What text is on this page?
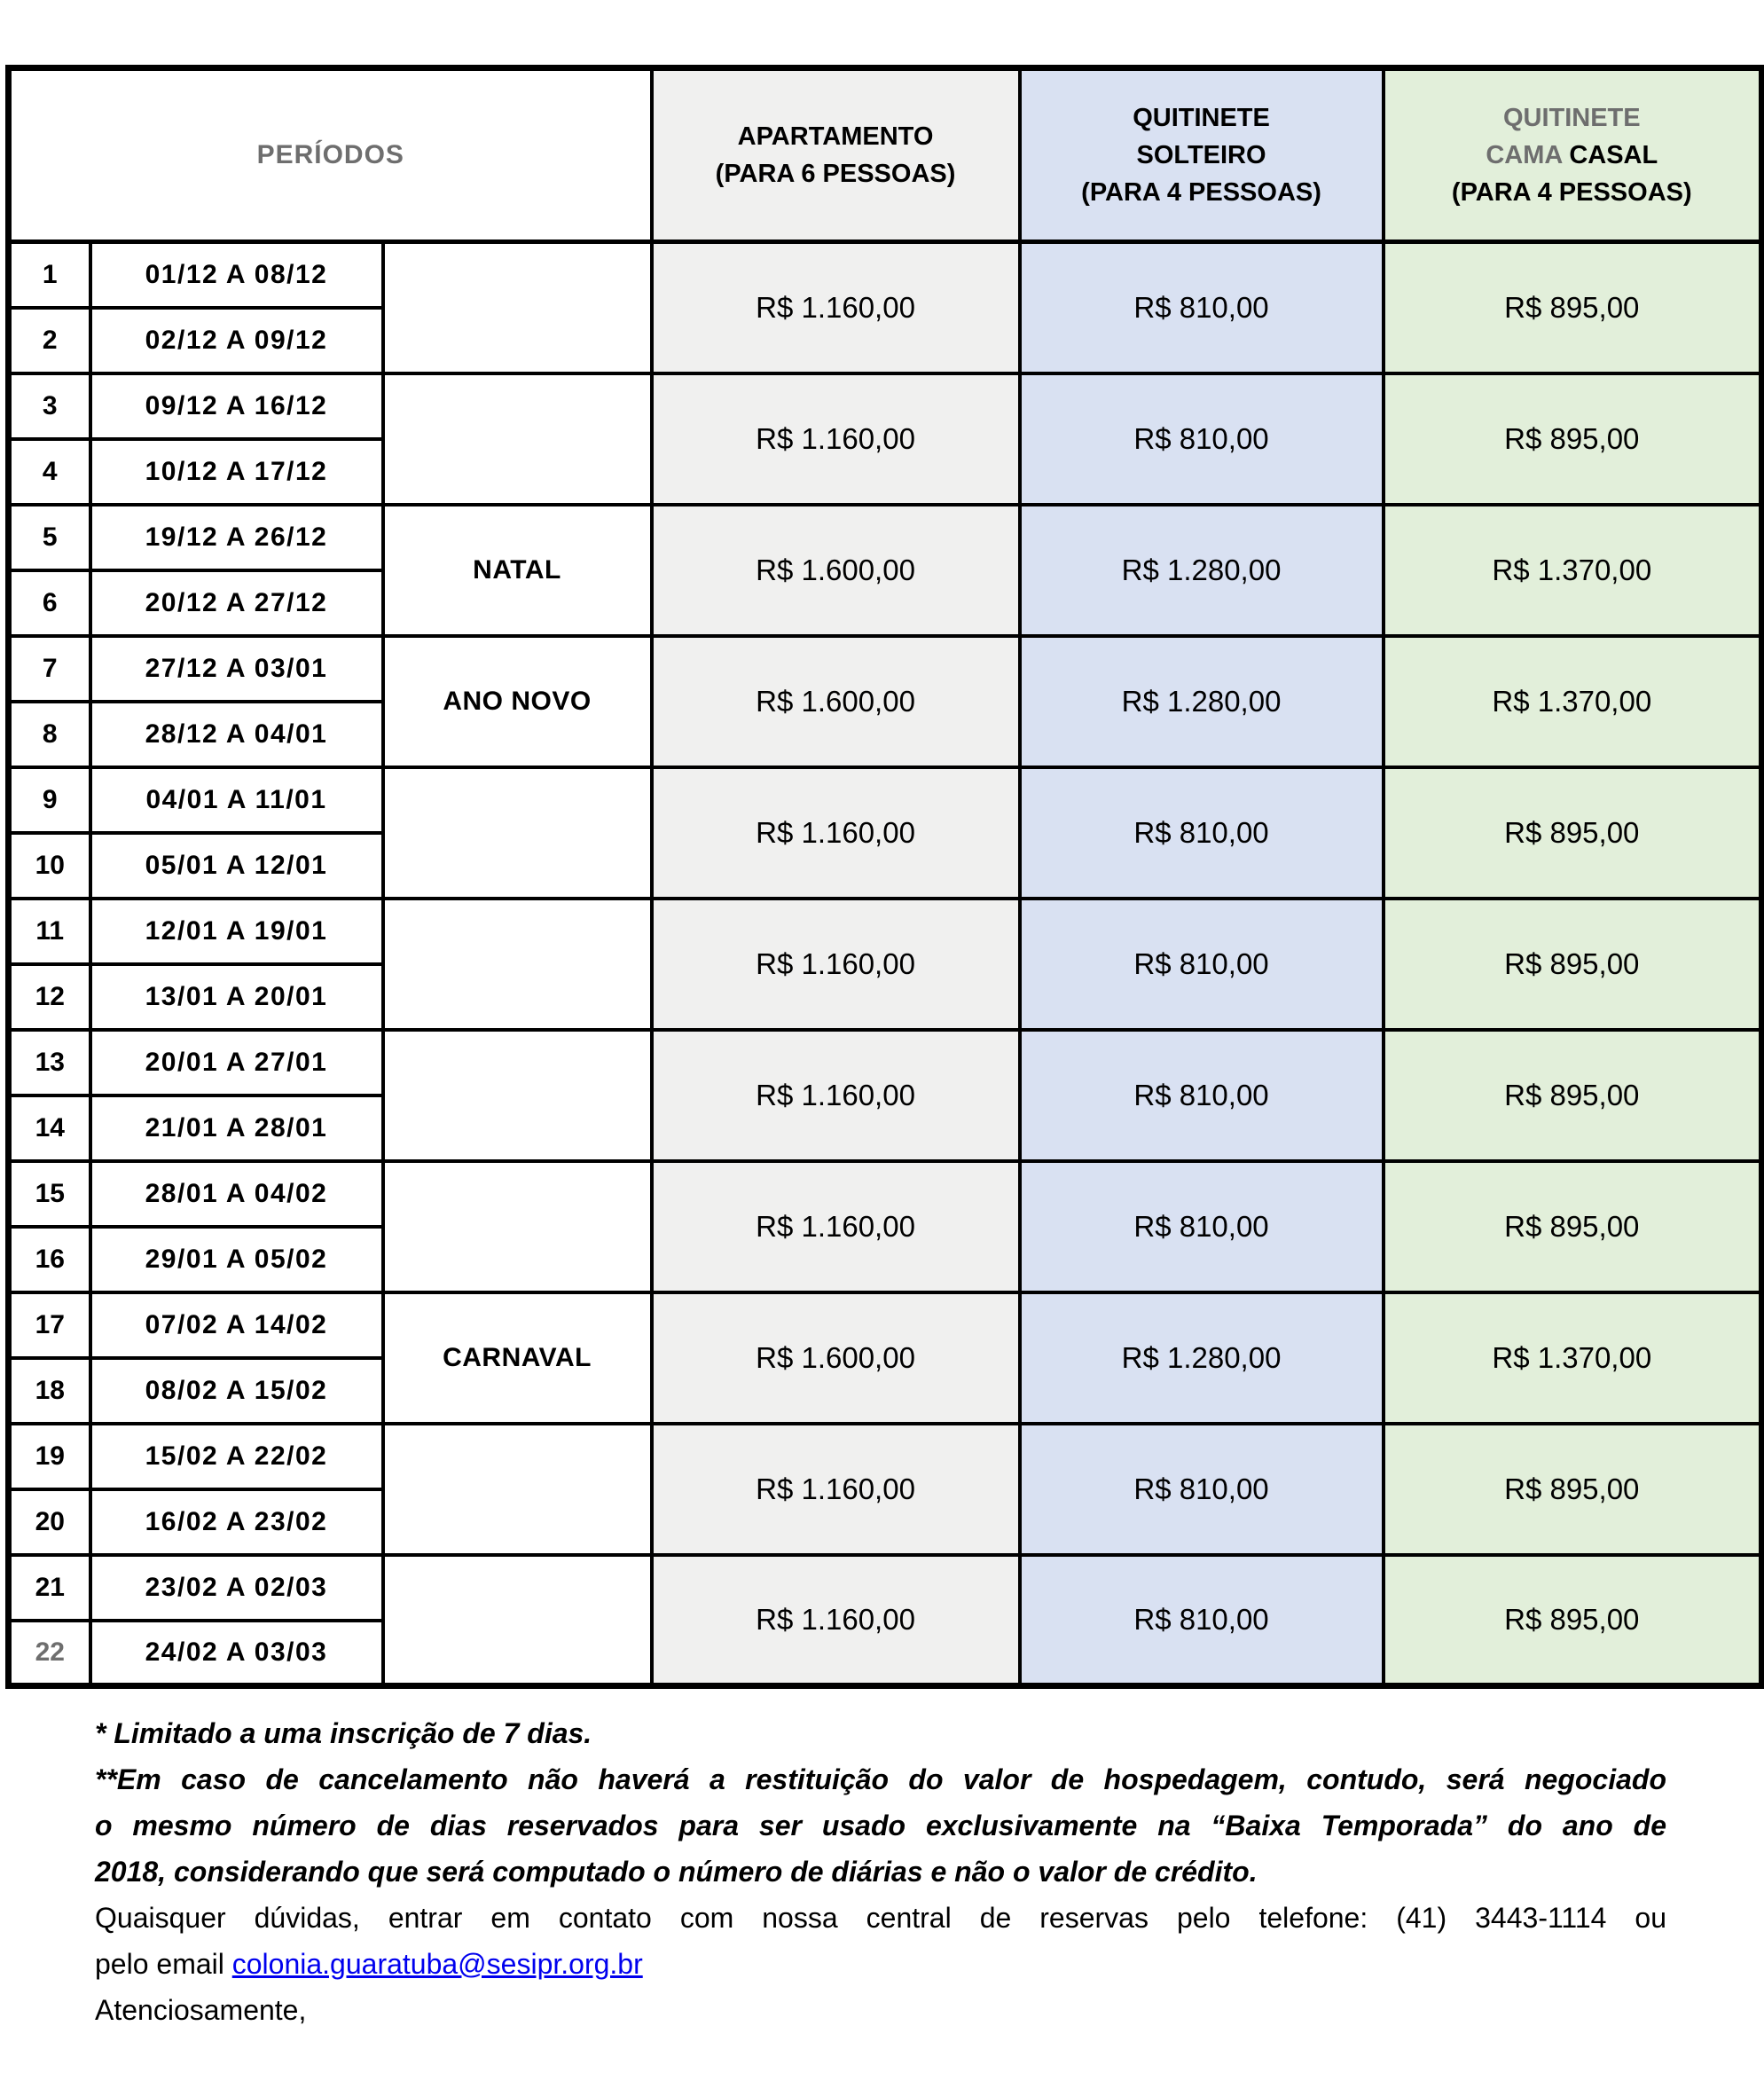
PERÍODOS	
APARTAMENTO
(PARA 6 PESSOAS)

QUITINETE
SOLTEIRO
(PARA 4 PESSOAS)

QUITINETE
CAMA CASAL
(PARA 4 PESSOAS)

1	01/12 A 08/12		R$ 1.160,00	R$ 810,00	R$ 895,00
2	02/12 A 09/12				
3	09/12 A 16/12		R$ 1.160,00	R$ 810,00	R$ 895,00
4	10/12 A 17/12				
5	19/12 A 26/12	NATAL	R$ 1.600,00	R$ 1.280,00	R$ 1.370,00
6	20/12 A 27/12				
7	27/12 A 03/01	ANO NOVO	R$ 1.600,00	R$ 1.280,00	R$ 1.370,00
8	28/12 A 04/01				
9	04/01 A 11/01		R$ 1.160,00	R$ 810,00	R$ 895,00
10	05/01 A 12/01				
11	12/01 A 19/01		R$ 1.160,00	R$ 810,00	R$ 895,00
12	13/01 A 20/01				
13	20/01 A 27/01		R$ 1.160,00	R$ 810,00	R$ 895,00
14	21/01 A 28/01				
15	28/01 A 04/02		R$ 1.160,00	R$ 810,00	R$ 895,00
16	29/01 A 05/02				
17	07/02 A 14/02	CARNAVAL	R$ 1.600,00	R$ 1.280,00	R$ 1.370,00
18	08/02 A 15/02				
19	15/02 A 22/02		R$ 1.160,00	R$ 810,00	R$ 895,00
20	16/02 A 23/02				
21	23/02 A 02/03		R$ 1.160,00	R$ 810,00	R$ 895,00
22	24/02 A 03/03				
* Limitado a uma inscrição de 7 dias.
**Em caso de cancelamento não haverá a restituição do valor de hospedagem, contudo, será negociado
o mesmo número de dias reservados para ser usado exclusivamente na “Baixa Temporada” do ano de
2018, considerando que será computado o número de diárias e não o valor de crédito.
Quaisquer dúvidas, entrar em contato com nossa central de reservas pelo telefone: (41) 3443-1114 ou
pelo email colonia.guaratuba@sesipr.org.br
Atenciosamente,
